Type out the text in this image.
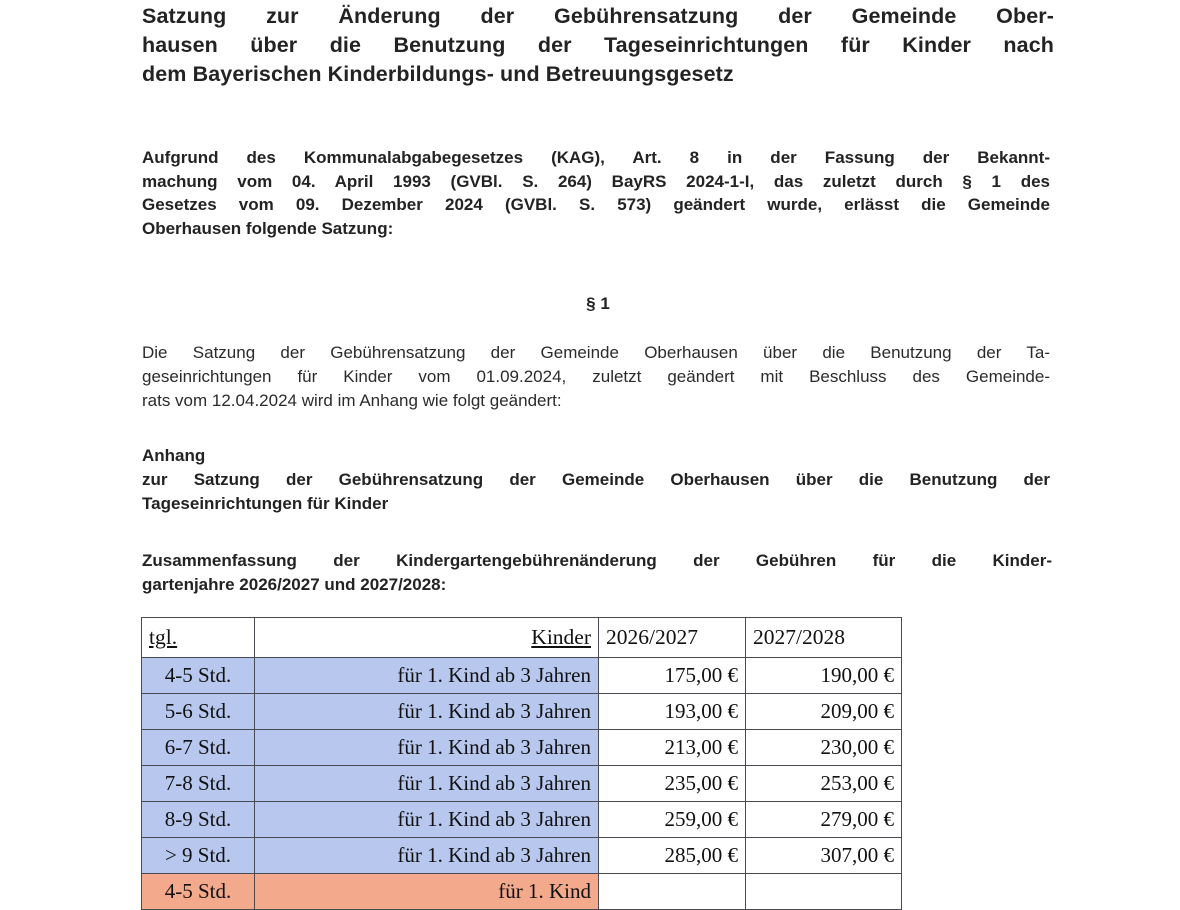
Satzung zur Änderung der Gebührensatzung der Gemeinde Ober-
hausen über die Benutzung der Tageseinrichtungen für Kinder nach
dem Bayerischen Kinderbildungs- und Betreuungsgesetz
Aufgrund des Kommunalabgabegesetzes (KAG), Art. 8 in der Fassung der Bekannt-
machung vom 04. April 1993 (GVBl. S. 264) BayRS 2024-1-I, das zuletzt durch § 1 des
Gesetzes vom 09. Dezember 2024 (GVBl. S. 573) geändert wurde, erlässt die Gemeinde
Oberhausen folgende Satzung:
§ 1
Die Satzung der Gebührensatzung der Gemeinde Oberhausen über die Benutzung der Ta-
geseinrichtungen für Kinder vom 01.09.2024, zuletzt geändert mit Beschluss des Gemeinde-
rats vom 12.04.2024 wird im Anhang wie folgt geändert:
Anhang
zur Satzung der Gebührensatzung der Gemeinde Oberhausen über die Benutzung der
Tageseinrichtungen für Kinder
Zusammenfassung der Kindergartengebührenänderung der Gebühren für die Kinder-
gartenjahre 2026/2027 und 2027/2028:
tgl.	Kinder	2026/2027	2027/2028
4-5 Std.	für 1. Kind ab 3 Jahren	175,00 €	190,00 €
5-6 Std.	für 1. Kind ab 3 Jahren	193,00 €	209,00 €
6-7 Std.	für 1. Kind ab 3 Jahren	213,00 €	230,00 €
7-8 Std.	für 1. Kind ab 3 Jahren	235,00 €	253,00 €
8-9 Std.	für 1. Kind ab 3 Jahren	259,00 €	279,00 €
> 9 Std.	für 1. Kind ab 3 Jahren	285,00 €	307,00 €
4-5 Std.	für 1. Kind		
